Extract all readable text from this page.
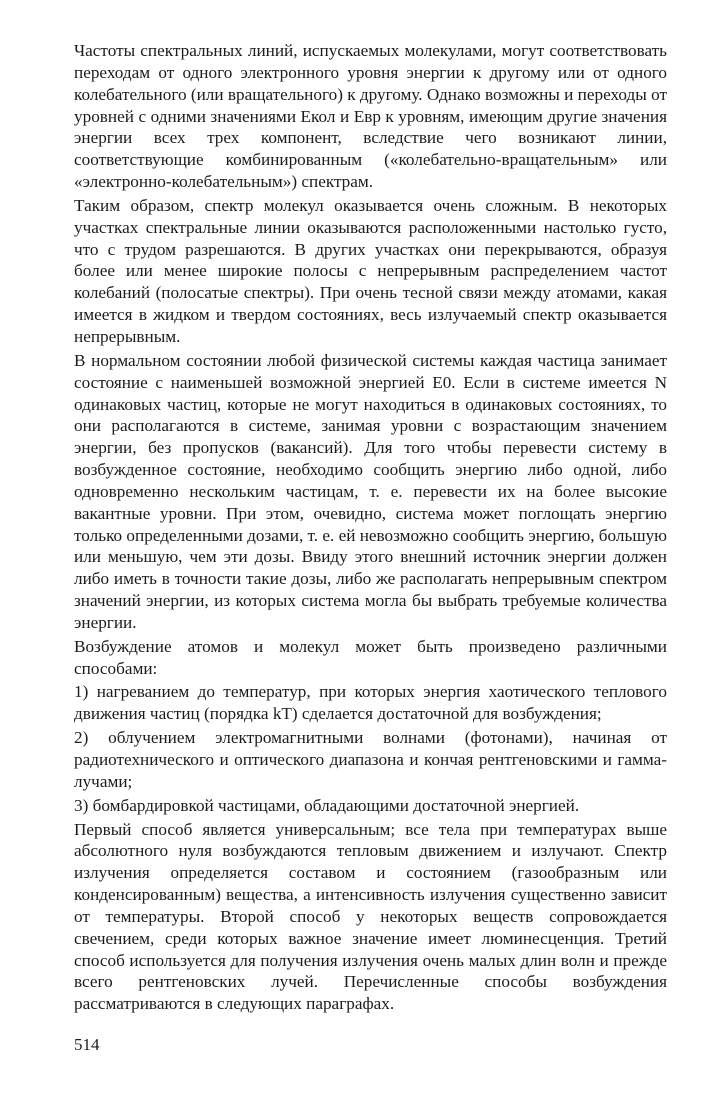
Частоты спектральных линий, испускаемых молекулами, могут соответствовать переходам от одного электронного уровня энергии к другому или от одного колебательного (или вращательного) к другому. Однако возможны и переходы от уровней с одними значениями Eкол и Eвр к уровням, имеющим другие значения энергии всех трех компонент, вследствие чего возникают линии, соответствующие комбинированным («колебательно-вращательным» или «электронно-колебательным») спектрам.

Таким образом, спектр молекул оказывается очень сложным. В некоторых участках спектральные линии оказываются расположенными настолько густо, что с трудом разрешаются. В других участках они перекрываются, образуя более или менее широкие полосы с непрерывным распределением частот колебаний (полосатые спектры). При очень тесной связи между атомами, какая имеется в жидком и твердом состояниях, весь излучаемый спектр оказывается непрерывным.

В нормальном состоянии любой физической системы каждая частица занимает состояние с наименьшей возможной энергией E0. Если в системе имеется N одинаковых частиц, которые не могут находиться в одинаковых состояниях, то они располагаются в системе, занимая уровни с возрастающим значением энергии, без пропусков (вакансий). Для того чтобы перевести систему в возбужденное состояние, необходимо сообщить энергию либо одной, либо одновременно нескольким частицам, т. е. перевести их на более высокие вакантные уровни. При этом, очевидно, система может поглощать энергию только определенными дозами, т. е. ей невозможно сообщить энергию, большую или меньшую, чем эти дозы. Ввиду этого внешний источник энергии должен либо иметь в точности такие дозы, либо же располагать непрерывным спектром значений энергии, из которых система могла бы выбрать требуемые количества энергии.

Возбуждение атомов и молекул может быть произведено различными способами:

1) нагреванием до температур, при которых энергия хаотического теплового движения частиц (порядка kT) сделается достаточной для возбуждения;

2) облучением электромагнитными волнами (фотонами), начиная от радиотехнического и оптического диапазона и кончая рентгеновскими и гамма-лучами;

3) бомбардировкой частицами, обладающими достаточной энергией.

Первый способ является универсальным; все тела при температурах выше абсолютного нуля возбуждаются тепловым движением и излучают. Спектр излучения определяется составом и состоянием (газообразным или конденсированным) вещества, а интенсивность излучения существенно зависит от температуры. Второй способ у некоторых веществ сопровождается свечением, среди которых важное значение имеет люминесценция. Третий способ используется для получения излучения очень малых длин волн и прежде всего рентгеновских лучей. Перечисленные способы возбуждения рассматриваются в следующих параграфах.

514
